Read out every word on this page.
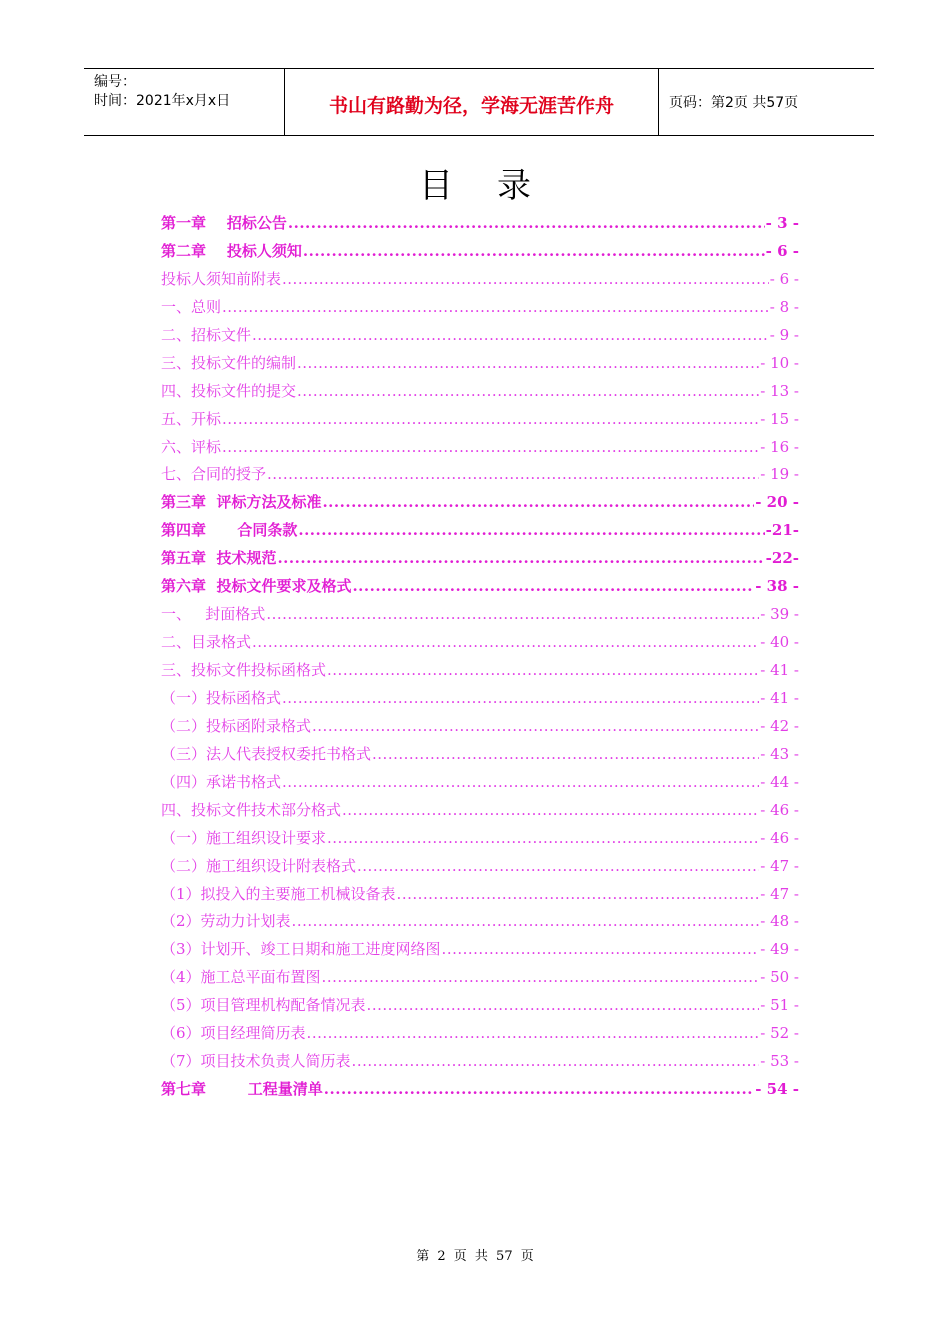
编号：
时间：2021年x月x日	书山有路勤为径，学海无涯苦作舟	页码：第2页 共57页
目录
第一章    招标公告 .....	- 3 -
第二章    投标人须知 .....	- 6 -
投标人须知前附表 .....	- 6 -
一、总则 .....	- 8 -
二、招标文件 .....	- 9 -
三、投标文件的编制 .....	- 10 -
四、投标文件的提交 .....	- 13 -
五、开标 .....	- 15 -
六、评标 .....	- 16 -
七、合同的授予 .....	- 19 -
第三章  评标方法及标准 .....	- 20 -
第四章      合同条款 .....	-21-
第五章  技术规范 .....	-22-
第六章  投标文件要求及格式 .....	- 38 -
一、   封面格式 .....	- 39 -
二、目录格式 .....	- 40 -
三、投标文件投标函格式 .....	- 41 -
（一）投标函格式 .....	- 41 -
（二）投标函附录格式 .....	- 42 -
（三）法人代表授权委托书格式 .....	- 43 -
（四）承诺书格式 .....	- 44 -
四、投标文件技术部分格式 .....	- 46 -
（一）施工组织设计要求 .....	- 46 -
（二）施工组织设计附表格式 .....	- 47 -
（1）拟投入的主要施工机械设备表 .....	- 47 -
（2）劳动力计划表 .....	- 48 -
（3）计划开、竣工日期和施工进度网络图 .....	- 49 -
（4）施工总平面布置图 .....	- 50 -
（5）项目管理机构配备情况表 .....	- 51 -
（6）项目经理简历表 .....	- 52 -
（7）项目技术负责人简历表 .....	- 53 -
第七章        工程量清单 .....	- 54 -
第 2 页 共 57 页
